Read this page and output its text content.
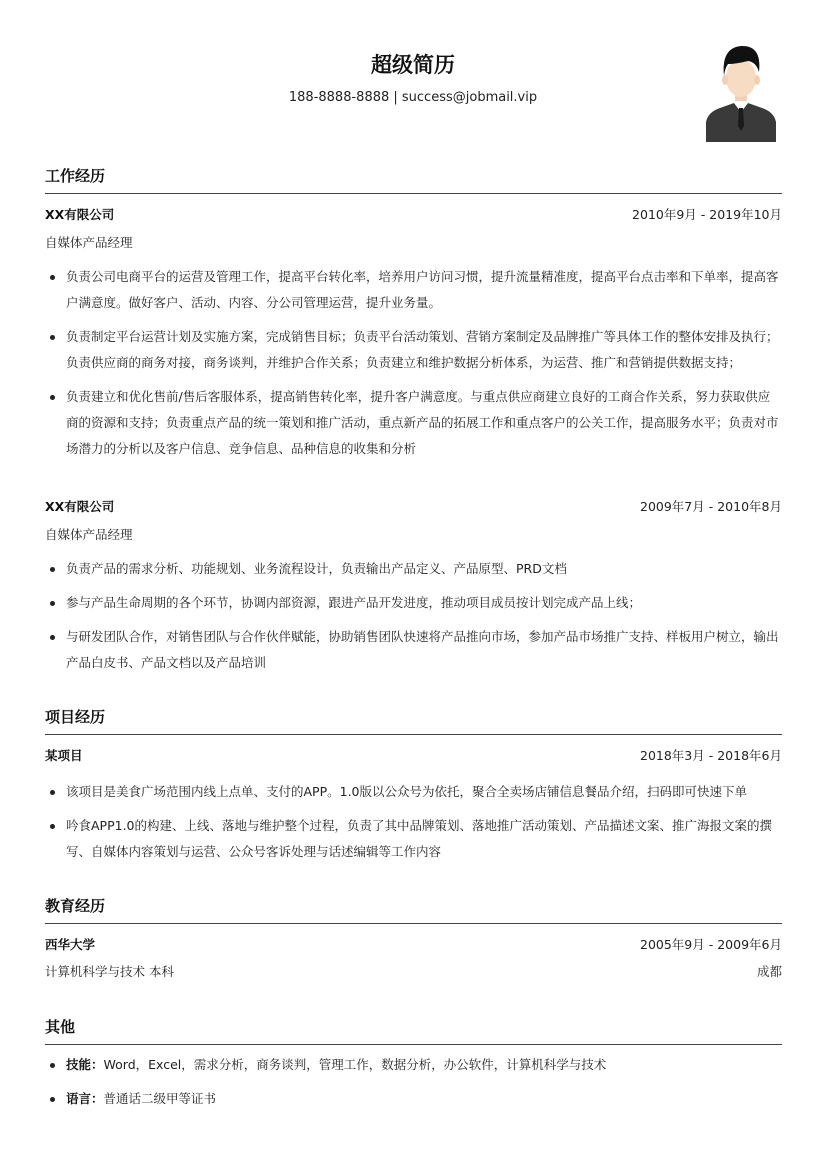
超级简历
188-8888-8888 | success@jobmail.vip
工作经历
XX有限公司	2010年9月 - 2019年10月
自媒体产品经理
负责公司电商平台的运营及管理工作，提高平台转化率，培养用户访问习惯，提升流量精准度，提高平台点击率和下单率，提高客户满意度。做好客户、活动、内容、分公司管理运营，提升业务量。
负责制定平台运营计划及实施方案，完成销售目标；负责平台活动策划、营销方案制定及品牌推广等具体工作的整体安排及执行；负责供应商的商务对接，商务谈判，并维护合作关系；负责建立和维护数据分析体系，为运营、推广和营销提供数据支持；
负责建立和优化售前/售后客服体系，提高销售转化率，提升客户满意度。与重点供应商建立良好的工商合作关系，努力获取供应商的资源和支持；负责重点产品的统一策划和推广活动，重点新产品的拓展工作和重点客户的公关工作，提高服务水平；负责对市场潜力的分析以及客户信息、竞争信息、品种信息的收集和分析
XX有限公司	2009年7月 - 2010年8月
自媒体产品经理
负责产品的需求分析、功能规划、业务流程设计，负责输出产品定义、产品原型、PRD文档
参与产品生命周期的各个环节，协调内部资源，跟进产品开发进度，推动项目成员按计划完成产品上线；
与研发团队合作，对销售团队与合作伙伴赋能，协助销售团队快速将产品推向市场，参加产品市场推广支持、样板用户树立，输出产品白皮书、产品文档以及产品培训
项目经历
某项目	2018年3月 - 2018年6月
该项目是美食广场范围内线上点单、支付的APP。1.0版以公众号为依托，聚合全卖场店铺信息餐品介绍，扫码即可快速下单
吟食APP1.0的构建、上线、落地与维护整个过程，负责了其中品牌策划、落地推广活动策划、产品描述文案、推广海报文案的撰写、自媒体内容策划与运营、公众号客诉处理与话述编辑等工作内容
教育经历
西华大学	2005年9月 - 2009年6月
计算机科学与技术 本科	成都
其他
技能：Word，Excel，需求分析，商务谈判，管理工作，数据分析，办公软件，计算机科学与技术
语言：普通话二级甲等证书
